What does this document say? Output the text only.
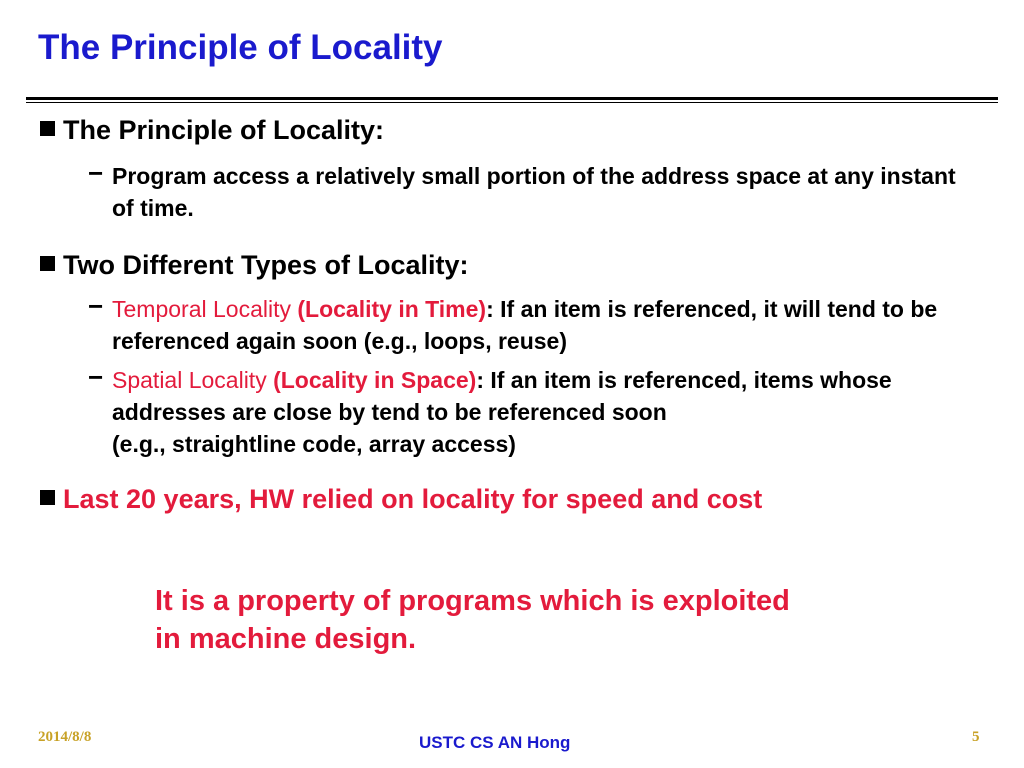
The Principle of Locality
The Principle of Locality:
− Program access a relatively small portion of the address space at any instant of time.
Two Different Types of Locality:
− Temporal Locality (Locality in Time): If an item is referenced, it will tend to be referenced again soon (e.g., loops, reuse)
− Spatial Locality (Locality in Space): If an item is referenced, items whose addresses are close by tend to be referenced soon
(e.g., straightline code, array access)
Last 20 years, HW relied on locality for speed and cost
It is a property of programs which is exploited
in machine design.
2014/8/8	USTC CS AN Hong	5
